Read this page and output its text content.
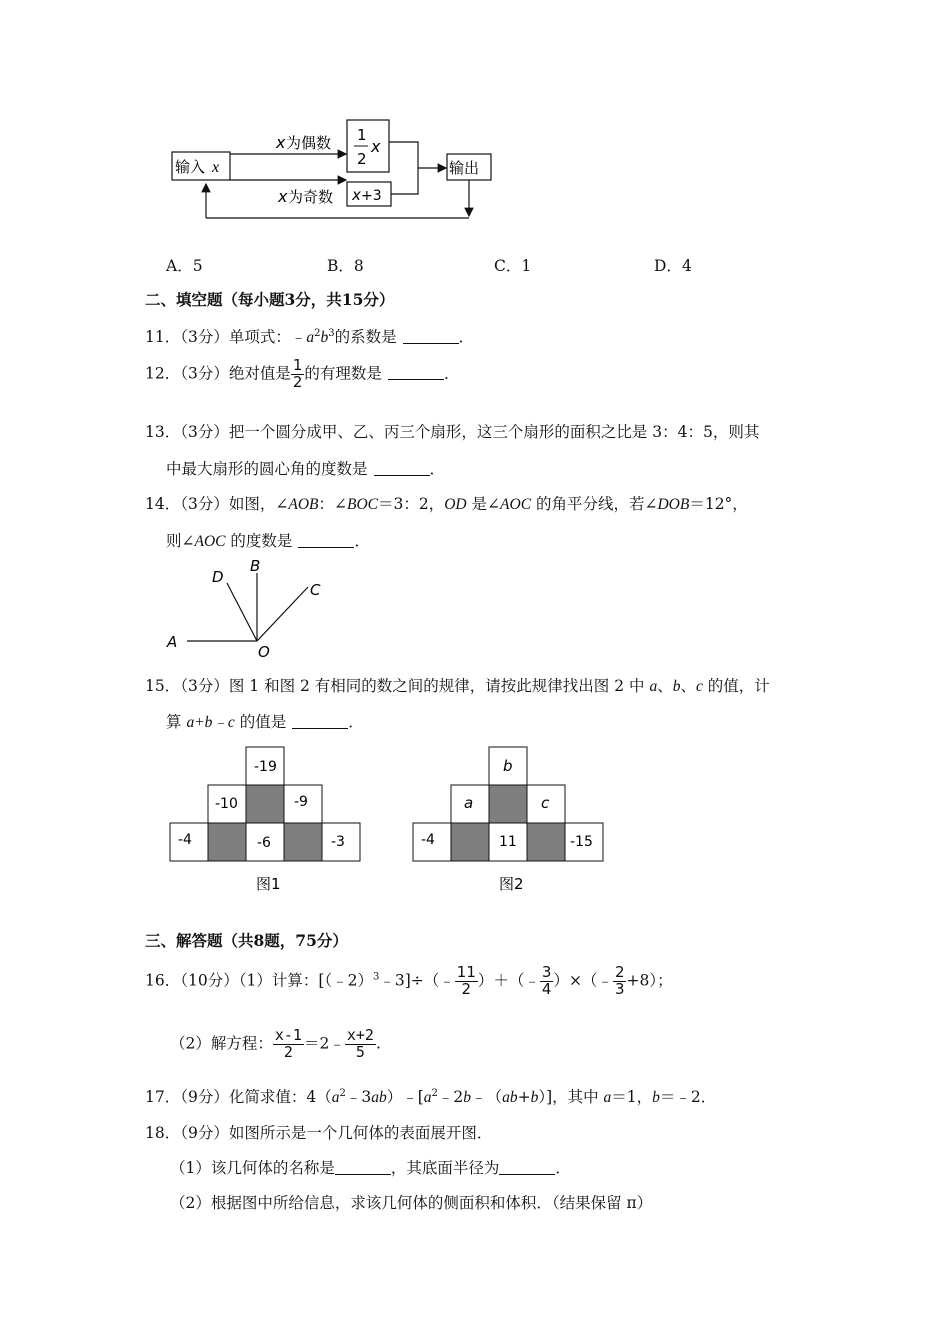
输入 x
x 为偶数
x 为奇数
1
2
x
x +3
输出
A．5	B．8	C．1	D．4
二、填空题（每小题3分，共15分）
11．（3分）单项式：$﹣a^2b^3$的系数是	．
12．（3分）绝对值是 $\frac{1}{2}$ 的有理数是	．
13．（3分）把一个圆分成甲、乙、丙三个扇形，这三个扇形的面积之比是 3：4：5，则其
中最大扇形的圆心角的度数是	．
14．（3分）如图，∠AOB：∠BOC＝3：2，OD 是∠AOC 的角平分线，若∠DOB＝12°，
则∠AOC 的度数是	．
D
B
C
A
O
15．（3分）图 1 和图 2 有相同的数之间的规律，请按此规律找出图 2 中 a、b、c 的值，计
算 a+b﹣c 的值是	．
-19
-10	-9
-4	-6	-3
图1
b
a	c
-4	11	-15
图2
三、解答题（共8题，75分）
16．（10分）（1）计算：[（﹣2）$^3$﹣3]÷（﹣ $\frac{11}{2}$ ）＋（﹣ $\frac{3}{4}$ ）×（﹣ $\frac{2}{3} +8$）；
（2）解方程： $\frac{x-1}{2}$ ＝2﹣ $\frac{x+2}{5}$ .
17．（9分）化简求值：$4(a^2﹣3ab)﹣[a^2﹣2b﹣(ab+b)]$，其中 a＝1，b＝﹣2．
18．（9分）如图所示是一个几何体的表面展开图．
（1）该几何体的名称是	，其底面半径为	．
（2）根据图中所给信息，求该几何体的侧面积和体积．（结果保留 π）
